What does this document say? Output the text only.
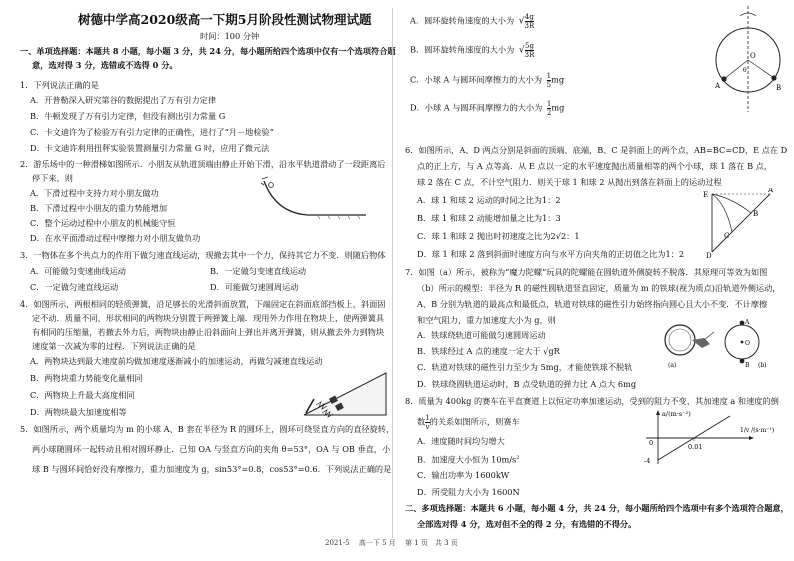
树德中学高2020级高一下期5月阶段性测试物理试题
时间：100 分钟
一、单项选择题：本题共 8 小题，每小题 3 分，共 24 分，每小题所给四个选项中仅有一个选项符合题
意，选对得 3 分，选错或不选得 0 分。
1．下列说法正确的是
A．开普勒深入研究第谷的数据提出了万有引力定律
B．牛顿发现了万有引力定律，但没有测出引力常量 G
C．卡文迪许为了检验万有引力定律的正确性，进行了“月－地检验”
D．卡文迪许利用扭秤实验装置测量引力常量 G 时，应用了微元法
2．游乐场中的一种滑梯如图所示．小朋友从轨道顶端由静止开始下滑，沿水平轨道滑动了一段距离后
停下来，则
A．下滑过程中支持力对小朋友做功
B．下滑过程中小朋友的重力势能增加
C．整个运动过程中小朋友的机械能守恒
D．在水平面滑动过程中摩擦力对小朋友做负功
3．一物体在多个共点力的作用下做匀速直线运动，现撤去其中一个力，保持其它力不变．则随后物体
A．可能做匀变速曲线运动	B．一定做匀变速直线运动
C．一定做匀速直线运动	D．可能做匀速圆周运动
4．如图所示，两根相同的轻质弹簧，沿足够长的光滑斜面放置，下端固定在斜面底部挡板上，斜面固
定不动．质量不同、形状相同的两物块分别置于两弹簧上端．现用外力作用在物块上，使两弹簧具
有相同的压缩量，若撤去外力后，两物块由静止沿斜面向上弹出并离开弹簧，则从撤去外力到物块
速度第一次减为零的过程．下列说法正确的是
A．两物块达到最大速度前均做加速度逐渐减小的加速运动，再做匀减速直线运动
B．两物块重力势能变化量相同
C．两物块上升最大高度相同
D．两物块最大加速度相等
5．如图所示，两个质量均为 m 的小球 A、B 套在半径为 R 的圆环上，圆环可绕竖直方向的直径旋转，
两小球随圆环一起转动且相对圆环静止．已知 OA 与竖直方向的夹角 θ=53°，OA 与 OB 垂直，小
球 B 与圆环间恰好没有摩擦力，重力加速度为 g，sin53°=0.8，cos53°=0.6．下列说法正确的是
A．圆环旋转角速度的大小为 √ $\frac{4g}{3R}$
B．圆环旋转角速度的大小为 √ $\frac{5g}{3R}$
C．小球 A 与圆环间摩擦力的大小为 $\frac{1}{5}$ mg
D．小球 A 与圆环间摩擦力的大小为 $\frac{1}{2}$ mg
A	B
O
θ
6．如图所示，A、D 两点分别是斜面的顶端、底端，B、C 是斜面上的两个点，AB=BC=CD，E 点在 D
点的正上方，与 A 点等高．从 E 点以一定的水平速度抛出质量相等的两个小球，球 1 落在 B 点，
球 2 落在 C 点，不计空气阻力．则关于球 1 和球 2 从抛出到落在斜面上的运动过程
A．球 1 和球 2 运动的时间之比为1：2
B．球 1 和球 2 动能增加量之比为1：3
C．球 1 和球 2 抛出时初速度之比为2√2：1
D．球 1 和球 2 落到斜面时速度方向与水平方向夹角的正切值之比为1：2
E
A
B
C
D
7．如图（a）所示，被称为“魔力陀螺”玩具的陀螺能在圆轨道外侧旋转不脱落．其原理可等效为如图
（b）所示的模型：半径为 R 的磁性圆轨道竖直固定，质量为 m 的铁球(视为质点)沿轨道外侧运动，
A、B 分别为轨道的最高点和最低点，轨道对铁球的磁性引力始终指向圆心且大小不变．不计摩擦
和空气阻力，重力加速度大小为 g，则
A．铁球绕轨道可能做匀速圆周运动
B．铁球经过 A 点的速度一定大于 √gR
C．轨道对铁球的磁性引力至少为 5mg，才能使铁球不脱轨
D．铁球绕圆轨道运动时，B 点受轨道的弹力比 A 点大 6mg
(a)
A
B
O
(b)
8．质量为 400kg 的赛车在平直赛道上以恒定功率加速运动，受到的阻力不变，其加速度 a 和速度的倒
数 $\frac{1}{v}$ 的关系如图所示，则赛车
A．速度随时间均匀增大
B．加速度大小恒为 $10m/s^2$
C．输出功率为 1600kW
D．所受阻力大小为 1600N
a/(m·s⁻²)
1/v /(s·m⁻¹)
0
-4
0.01
二、多项选择题：本题共 6 小题，每小题 4 分，共 24 分，每小题所给四个选项中有多个选项符合题意，
全部选对得 4 分，选对但不全的得 2 分，有选错的不得分。
2021-5　 高一下 5 月　 第 1 页　共 3 页
